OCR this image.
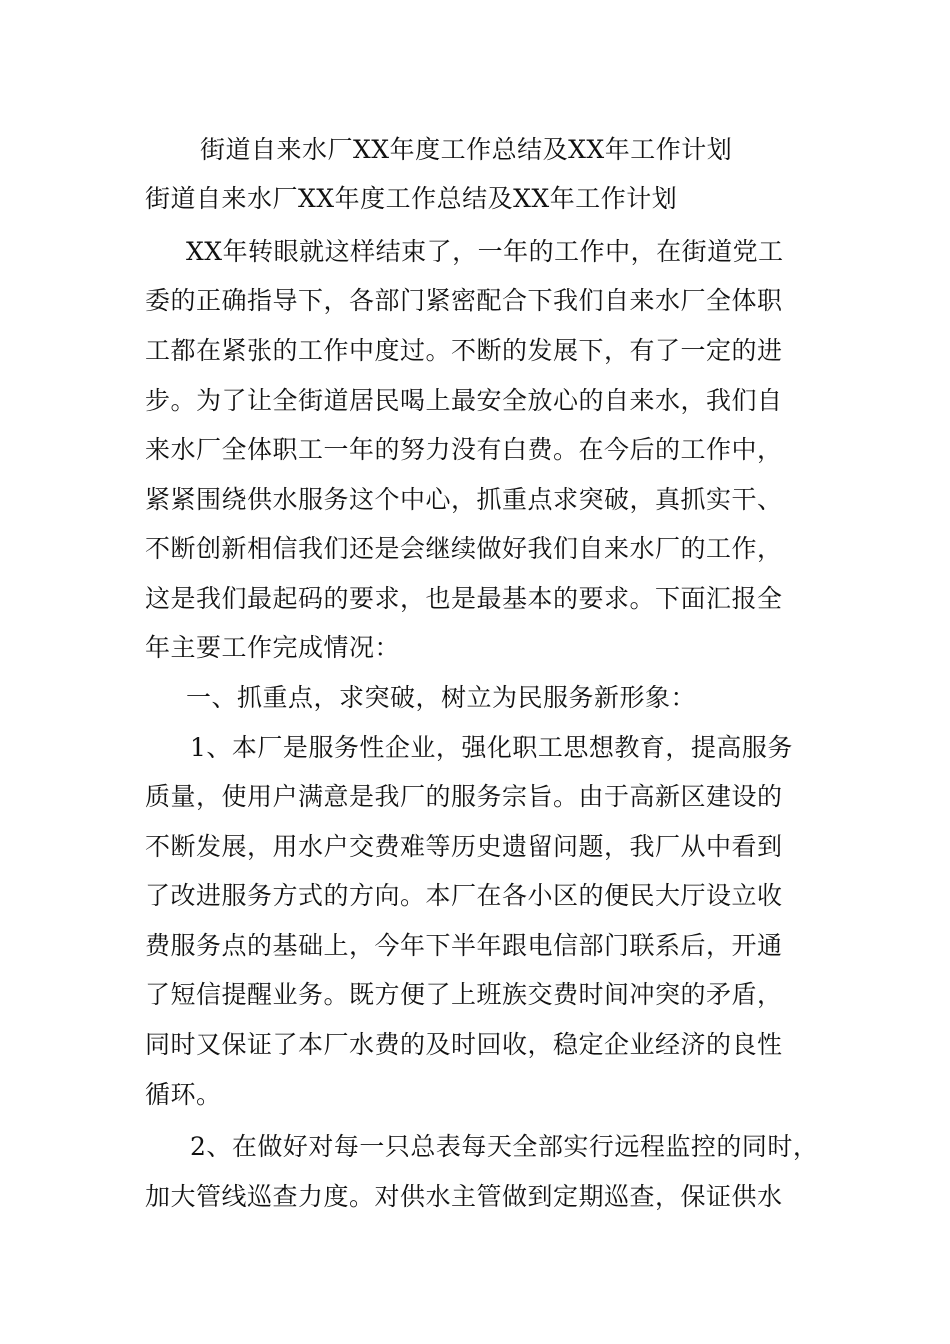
街道自来水厂XX年度工作总结及XX年工作计划
街道自来水厂XX年度工作总结及XX年工作计划
XX年转眼就这样结束了，一年的工作中，在街道党工
委的正确指导下，各部门紧密配合下我们自来水厂全体职
工都在紧张的工作中度过。不断的发展下，有了一定的进
步。为了让全街道居民喝上最安全放心的自来水，我们自
来水厂全体职工一年的努力没有白费。在今后的工作中，
紧紧围绕供水服务这个中心，抓重点求突破，真抓实干、
不断创新相信我们还是会继续做好我们自来水厂的工作，
这是我们最起码的要求，也是最基本的要求。下面汇报全
年主要工作完成情况：
一、抓重点，求突破，树立为民服务新形象：
1、本厂是服务性企业，强化职工思想教育，提高服务
质量，使用户满意是我厂的服务宗旨。由于高新区建设的
不断发展，用水户交费难等历史遗留问题，我厂从中看到
了改进服务方式的方向。本厂在各小区的便民大厅设立收
费服务点的基础上，今年下半年跟电信部门联系后，开通
了短信提醒业务。既方便了上班族交费时间冲突的矛盾，
同时又保证了本厂水费的及时回收，稳定企业经济的良性
循环。
2、在做好对每一只总表每天全部实行远程监控的同时，
加大管线巡查力度。对供水主管做到定期巡查，保证供水
